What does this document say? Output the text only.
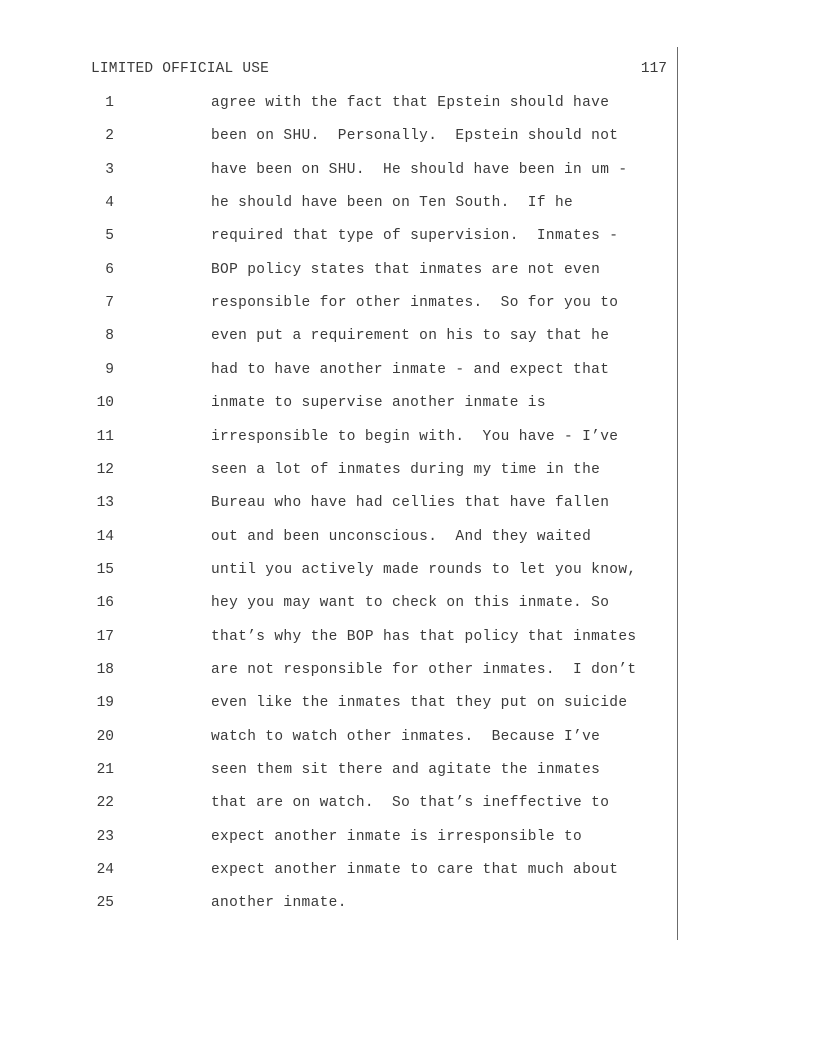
LIMITED OFFICIAL USE	117
1	agree with the fact that Epstein should have
2	been on SHU.  Personally.  Epstein should not
3	have been on SHU.  He should have been in um -
4	he should have been on Ten South.  If he
5	required that type of supervision.  Inmates -
6	BOP policy states that inmates are not even
7	responsible for other inmates.  So for you to
8	even put a requirement on his to say that he
9	had to have another inmate - and expect that
10	inmate to supervise another inmate is
11	irresponsible to begin with.  You have - I’ve
12	seen a lot of inmates during my time in the
13	Bureau who have had cellies that have fallen
14	out and been unconscious.  And they waited
15	until you actively made rounds to let you know,
16	hey you may want to check on this inmate. So
17	that’s why the BOP has that policy that inmates
18	are not responsible for other inmates.  I don’t
19	even like the inmates that they put on suicide
20	watch to watch other inmates.  Because I’ve
21	seen them sit there and agitate the inmates
22	that are on watch.  So that’s ineffective to
23	expect another inmate is irresponsible to
24	expect another inmate to care that much about
25	another inmate.
